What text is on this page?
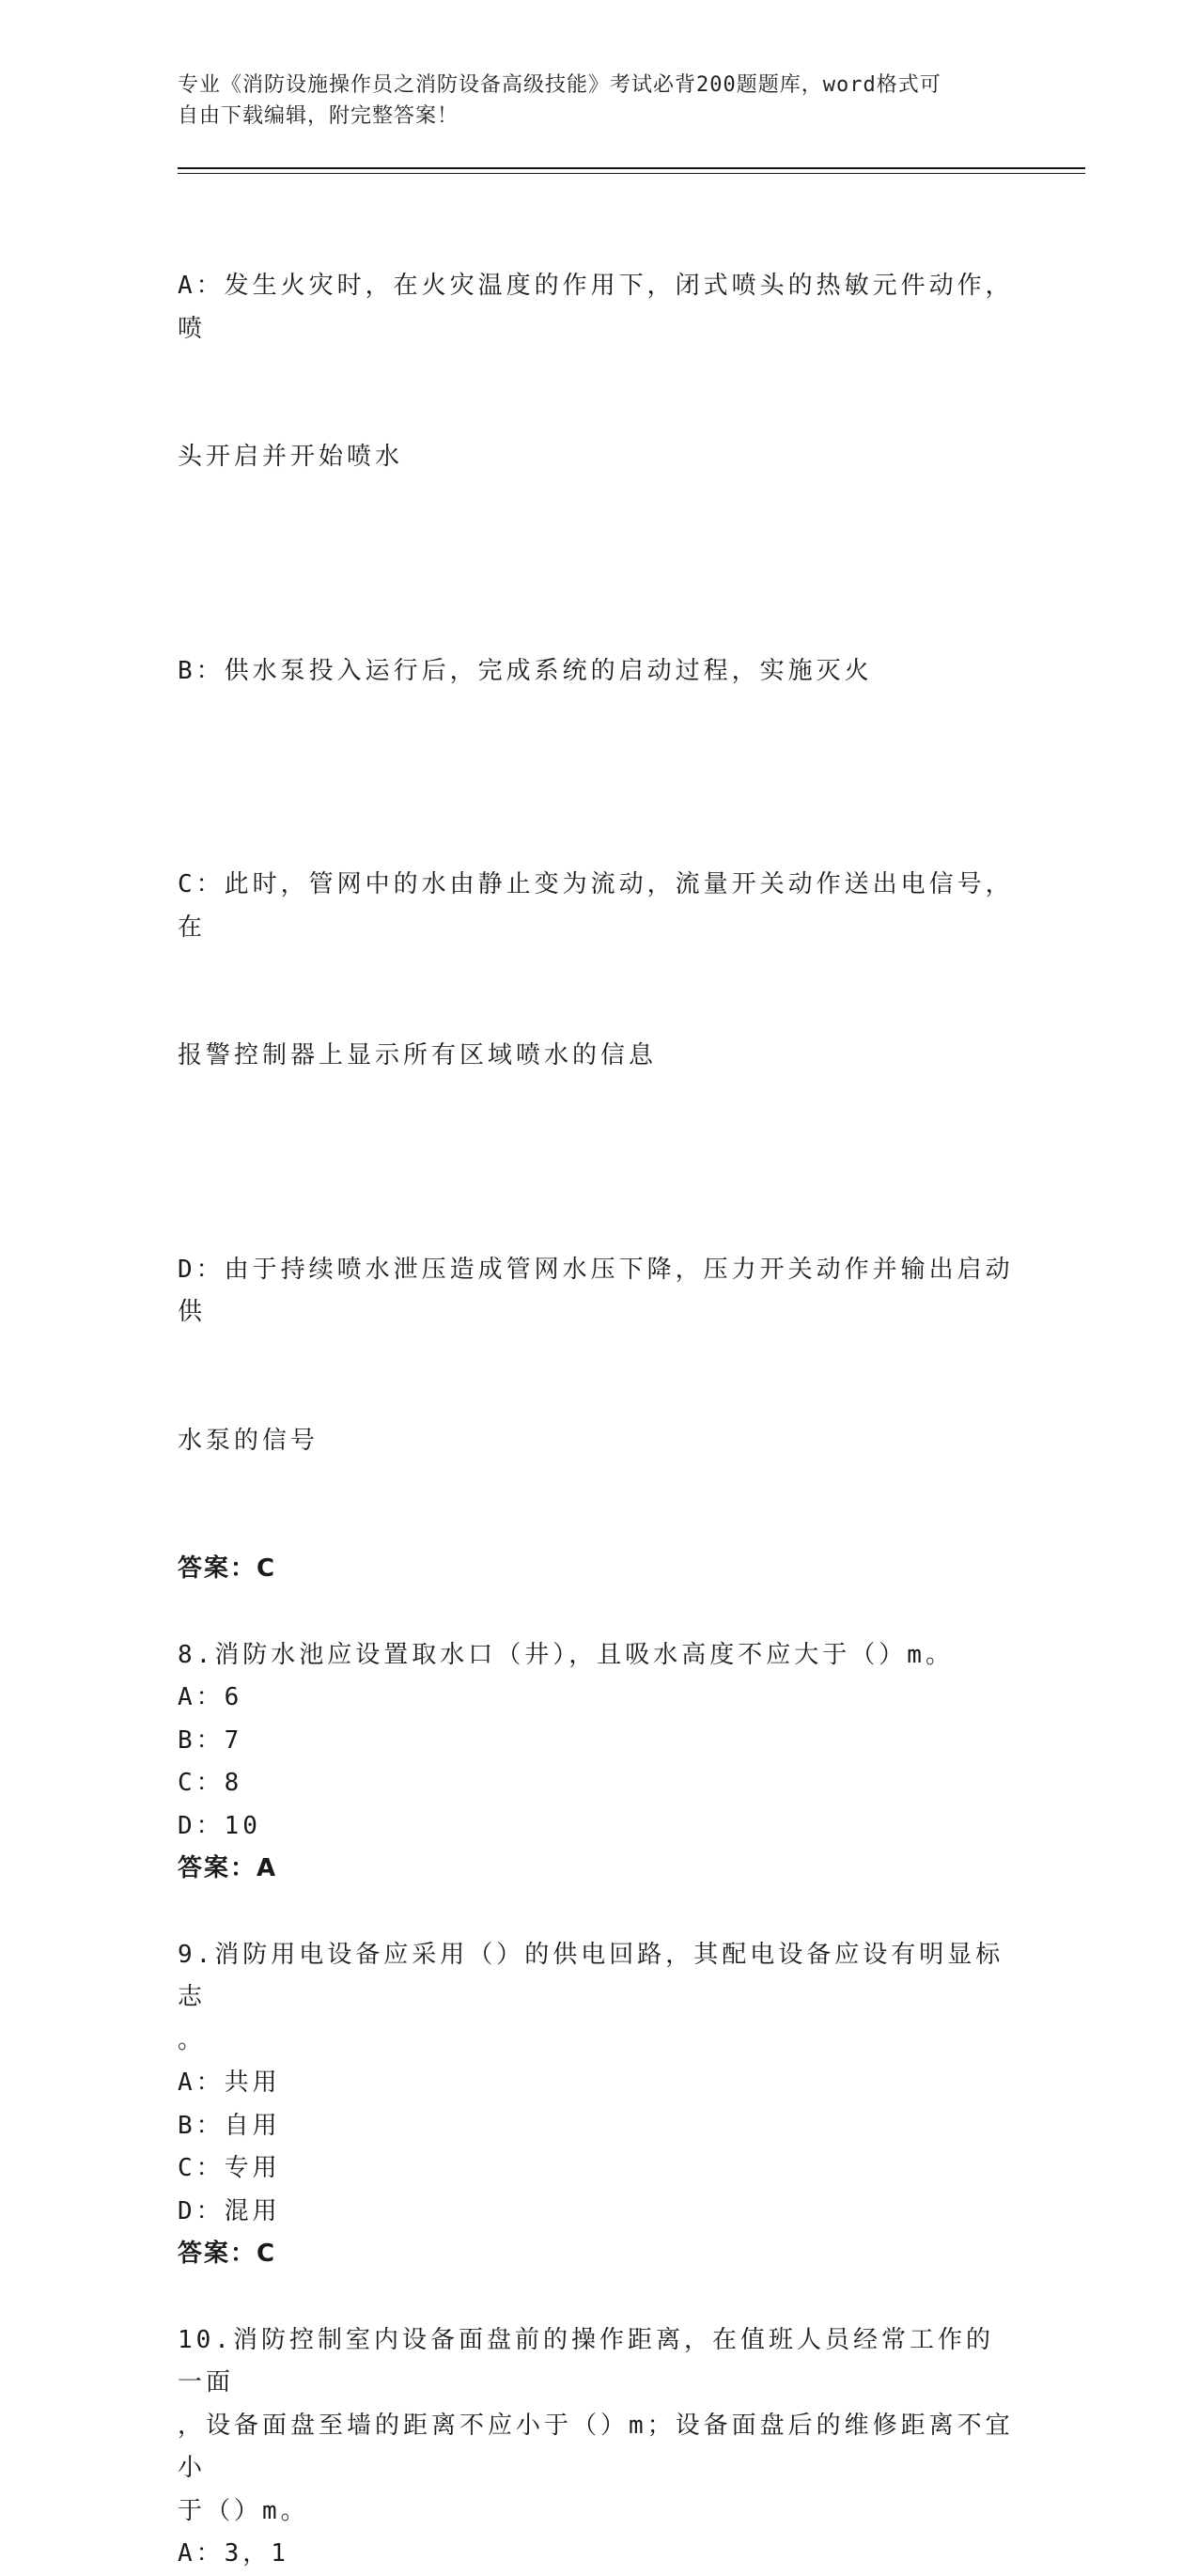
专业《消防设施操作员之消防设备高级技能》考试必背200题题库，word格式可
自由下载编辑，附完整答案！

A：发生火灾时，在火灾温度的作用下，闭式喷头的热敏元件动作，喷

头开启并开始喷水

B：供水泵投入运行后，完成系统的启动过程，实施灭火

C：此时，管网中的水由静止变为流动，流量开关动作送出电信号，在

报警控制器上显示所有区域喷水的信息

D：由于持续喷水泄压造成管网水压下降，压力开关动作并输出启动供

水泵的信号

答案：C
8.消防水池应设置取水口（井），且吸水高度不应大于（）m。
A：6
B：7
C：8
D：10
答案：A
9.消防用电设备应采用（）的供电回路，其配电设备应设有明显标志
。
A：共用
B：自用
C：专用
D：混用
答案：C
10.消防控制室内设备面盘前的操作距离，在值班人员经常工作的一面
，设备面盘至墙的距离不应小于（）m；设备面盘后的维修距离不宜小
于（）m。
A：3，1
